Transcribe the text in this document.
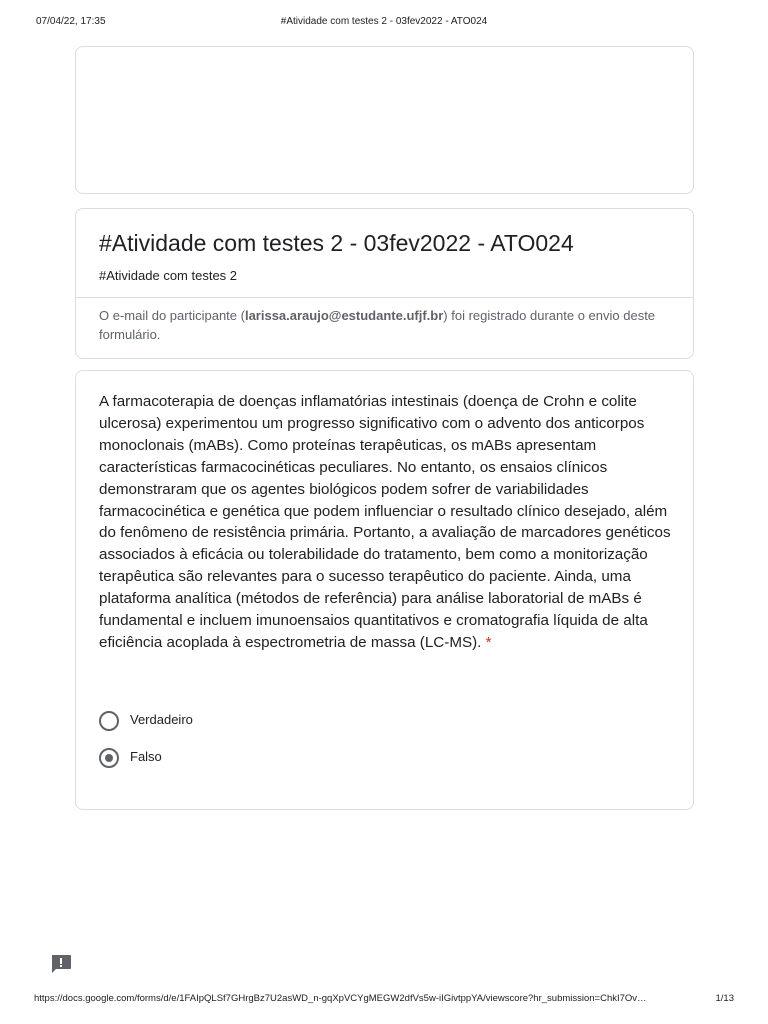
07/04/22, 17:35	#Atividade com testes 2 - 03fev2022 - ATO024
#Atividade com testes 2 - 03fev2022 - ATO024
#Atividade com testes 2
O e-mail do participante (larissa.araujo@estudante.ufjf.br) foi registrado durante o envio deste formulário.
A farmacoterapia de doenças inflamatórias intestinais (doença de Crohn e colite ulcerosa) experimentou um progresso significativo com o advento dos anticorpos monoclonais (mABs). Como proteínas terapêuticas, os mABs apresentam características farmacocinéticas peculiares. No entanto, os ensaios clínicos demonstraram que os agentes biológicos podem sofrer de variabilidades farmacocinética e genética que podem influenciar o resultado clínico desejado, além do fenômeno de resistência primária. Portanto, a avaliação de marcadores genéticos associados à eficácia ou tolerabilidade do tratamento, bem como a monitorização terapêutica são relevantes para o sucesso terapêutico do paciente. Ainda, uma plataforma analítica (métodos de referência) para análise laboratorial de mABs é fundamental e incluem imunoensaios quantitativos e cromatografia líquida de alta eficiência acoplada à espectrometria de massa (LC-MS). *
Verdadeiro
Falso
https://docs.google.com/forms/d/e/1FAIpQLSf7GHrgBz7U2asWD_n-gqXpVCYgMEGW2dfVs5w-iIGivtppYA/viewscore?hr_submission=ChkI7Ov…	1/13
